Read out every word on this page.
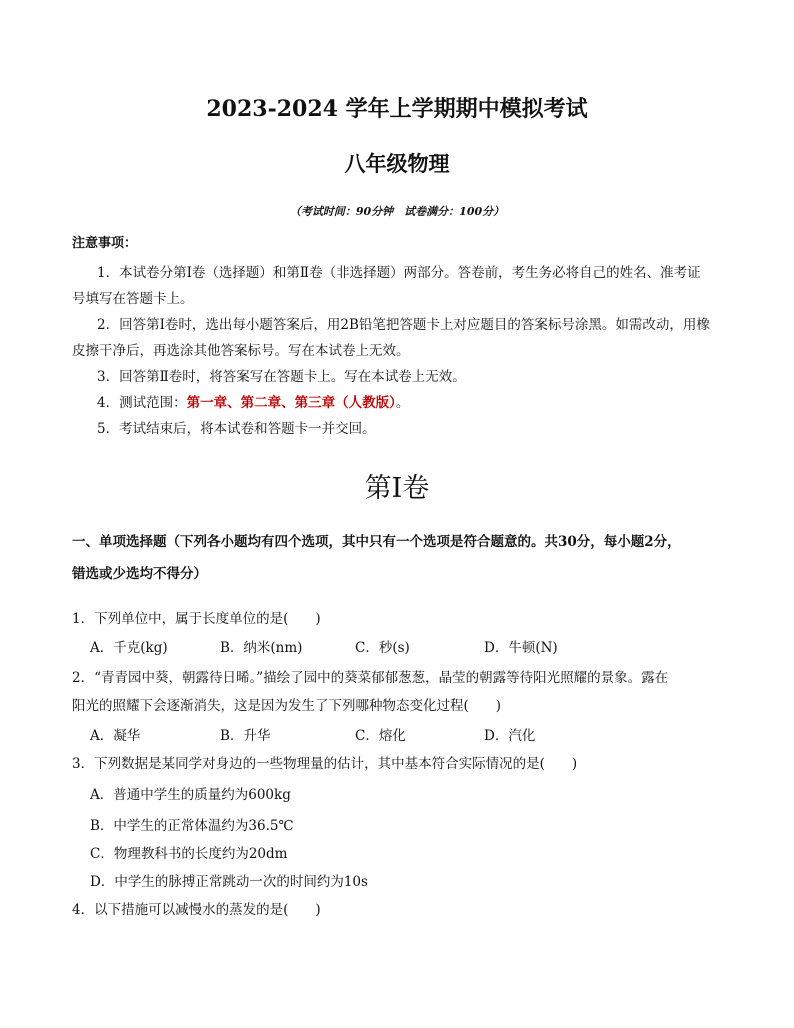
2023-2024 学年上学期期中模拟考试
八年级物理
（考试时间：90分钟　试卷满分：100分）
注意事项：
1．本试卷分第Ⅰ卷（选择题）和第Ⅱ卷（非选择题）两部分。答卷前，考生务必将自己的姓名、准考证
号填写在答题卡上。
2．回答第Ⅰ卷时，选出每小题答案后，用2B铅笔把答题卡上对应题目的答案标号涂黑。如需改动，用橡
皮擦干净后，再选涂其他答案标号。写在本试卷上无效。
3．回答第Ⅱ卷时，将答案写在答题卡上。写在本试卷上无效。
4．测试范围：第一章、第二章、第三章（人教版）。
5．考试结束后，将本试卷和答题卡一并交回。
第Ⅰ卷
一、单项选择题（下列各小题均有四个选项，其中只有一个选项是符合题意的。共30分，每小题2分，
错选或少选均不得分）
1．下列单位中，属于长度单位的是(　　)
A．千克(kg)	B．纳米(nm)	C．秒(s)	D．牛顿(N)
2．“青青园中葵，朝露待日晞。”描绘了园中的葵菜郁郁葱葱，晶莹的朝露等待阳光照耀的景象。露在
阳光的照耀下会逐渐消失，这是因为发生了下列哪种物态变化过程(　　)
A．凝华	B．升华	C．熔化	D．汽化
3．下列数据是某同学对身边的一些物理量的估计，其中基本符合实际情况的是(　　)
A．普通中学生的质量约为600kg
B．中学生的正常体温约为36.5℃
C．物理教科书的长度约为20dm
D．中学生的脉搏正常跳动一次的时间约为10s
4．以下措施可以减慢水的蒸发的是(　　)
